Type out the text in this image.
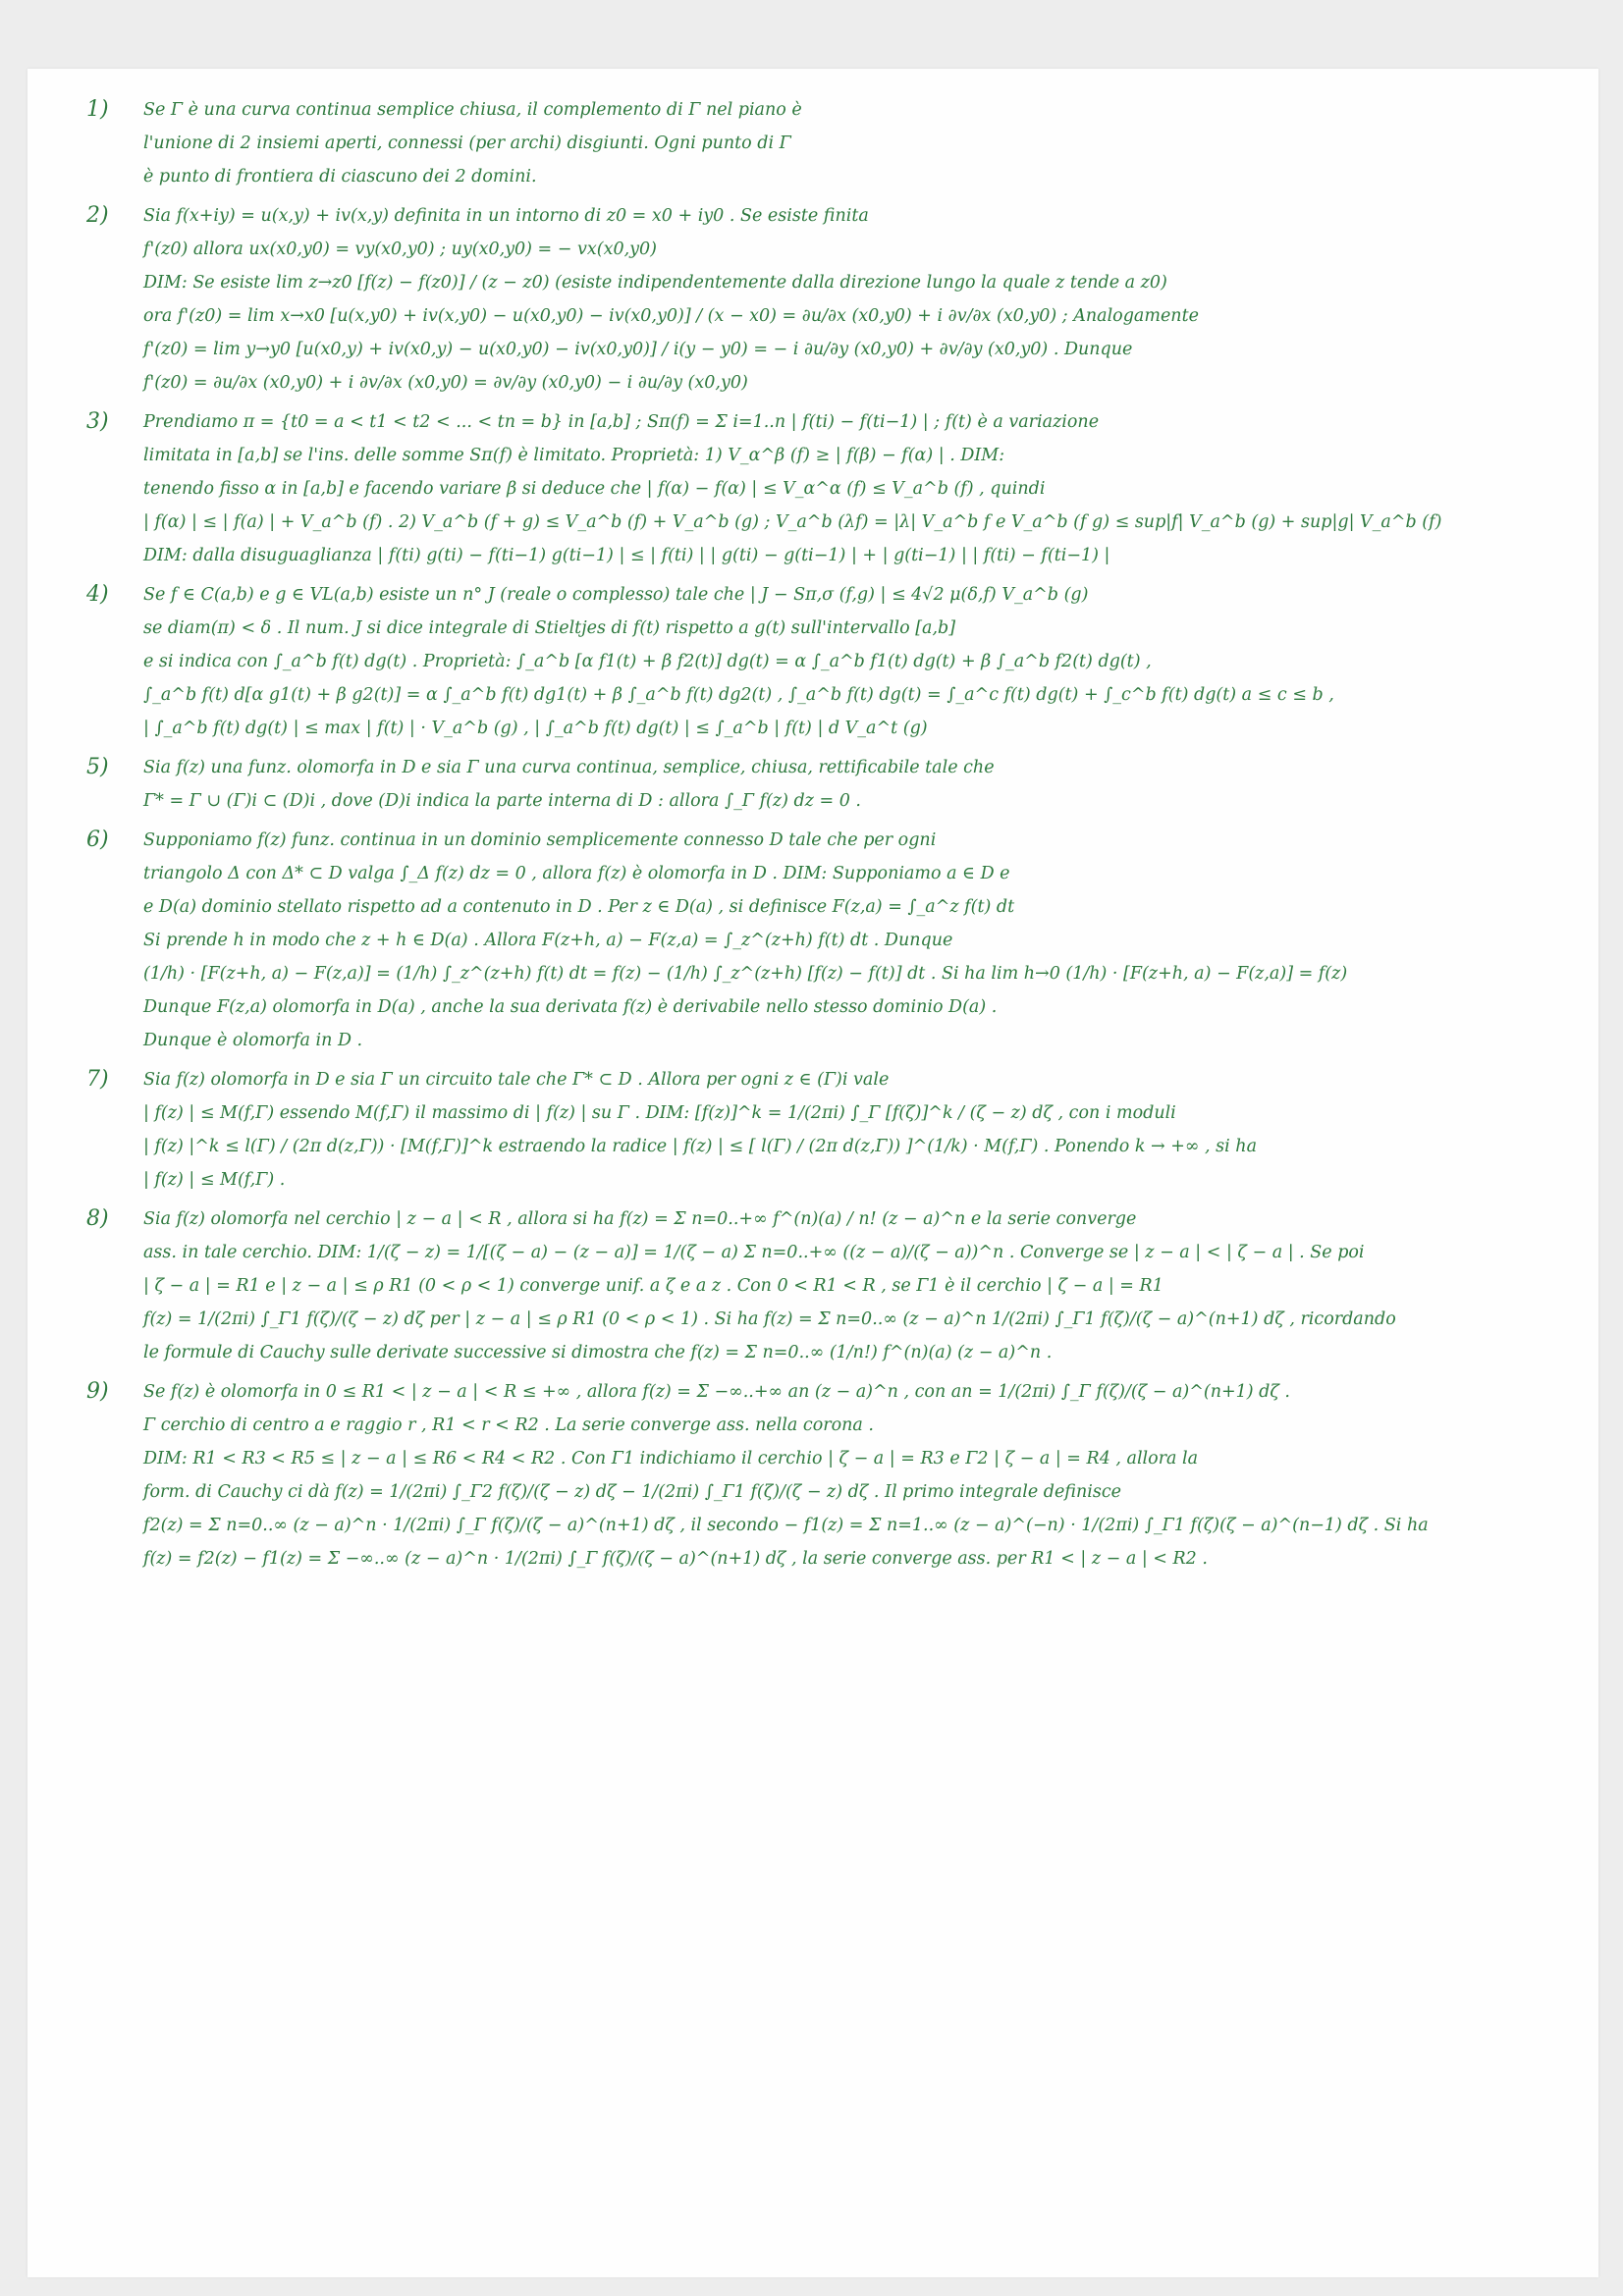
1) Se Γ è una curva continua semplice chiusa, il complemento di Γ nel piano è
l'unione di 2 insiemi aperti, connessi (per archi) disgiunti. Ogni punto di Γ
è punto di frontiera di ciascuno dei 2 domini.
2) Sia f(x+iy) = u(x,y) + iv(x,y) definita in un intorno di z0 = x0 + iy0 . Se esiste finita
f'(z0) allora ux(x0,y0) = vy(x0,y0) ; uy(x0,y0) = − vx(x0,y0)
DIM: Se esiste lim z→z0 [f(z) − f(z0)] / (z − z0) (esiste indipendentemente dalla direzione lungo la quale z tende a z0)
ora f'(z0) = lim x→x0 [u(x,y0) + iv(x,y0) − u(x0,y0) − iv(x0,y0)] / (x − x0) = ∂u/∂x (x0,y0) + i ∂v/∂x (x0,y0) ; Analogamente
f'(z0) = lim y→y0 [u(x0,y) + iv(x0,y) − u(x0,y0) − iv(x0,y0)] / i(y − y0) = − i ∂u/∂y (x0,y0) + ∂v/∂y (x0,y0) . Dunque
f'(z0) = ∂u/∂x (x0,y0) + i ∂v/∂x (x0,y0) = ∂v/∂y (x0,y0) − i ∂u/∂y (x0,y0)
3) Prendiamo π = {t0 = a < t1 < t2 < ... < tn = b} in [a,b] ; Sπ(f) = Σ i=1..n | f(ti) − f(ti−1) | ; f(t) è a variazione
limitata in [a,b] se l'ins. delle somme Sπ(f) è limitato. Proprietà: 1) V_α^β (f) ≥ | f(β) − f(α) | . DIM:
tenendo fisso α in [a,b] e facendo variare β si deduce che | f(α) − f(α) | ≤ V_α^α (f) ≤ V_a^b (f) , quindi
| f(α) | ≤ | f(a) | + V_a^b (f) . 2) V_a^b (f + g) ≤ V_a^b (f) + V_a^b (g) ; V_a^b (λf) = |λ| V_a^b f e V_a^b (f g) ≤ sup|f| V_a^b (g) + sup|g| V_a^b (f)
DIM: dalla disuguaglianza | f(ti) g(ti) − f(ti−1) g(ti−1) | ≤ | f(ti) | | g(ti) − g(ti−1) | + | g(ti−1) | | f(ti) − f(ti−1) |
4) Se f ∈ C(a,b) e g ∈ VL(a,b) esiste un n° J (reale o complesso) tale che | J − Sπ,σ (f,g) | ≤ 4√2 μ(δ,f) V_a^b (g)
se diam(π) < δ . Il num. J si dice integrale di Stieltjes di f(t) rispetto a g(t) sull'intervallo [a,b]
e si indica con ∫_a^b f(t) dg(t) . Proprietà: ∫_a^b [α f1(t) + β f2(t)] dg(t) = α ∫_a^b f1(t) dg(t) + β ∫_a^b f2(t) dg(t) ,
∫_a^b f(t) d[α g1(t) + β g2(t)] = α ∫_a^b f(t) dg1(t) + β ∫_a^b f(t) dg2(t) , ∫_a^b f(t) dg(t) = ∫_a^c f(t) dg(t) + ∫_c^b f(t) dg(t) a ≤ c ≤ b ,
| ∫_a^b f(t) dg(t) | ≤ max | f(t) | · V_a^b (g) , | ∫_a^b f(t) dg(t) | ≤ ∫_a^b | f(t) | d V_a^t (g)
5) Sia f(z) una funz. olomorfa in D e sia Γ una curva continua, semplice, chiusa, rettificabile tale che
Γ* = Γ ∪ (Γ)i ⊂ (D)i , dove (D)i indica la parte interna di D : allora ∫_Γ f(z) dz = 0 .
6) Supponiamo f(z) funz. continua in un dominio semplicemente connesso D tale che per ogni
triangolo Δ con Δ* ⊂ D valga ∫_Δ f(z) dz = 0 , allora f(z) è olomorfa in D . DIM: Supponiamo a ∈ D e
e D(a) dominio stellato rispetto ad a contenuto in D . Per z ∈ D(a) , si definisce F(z,a) = ∫_a^z f(t) dt
Si prende h in modo che z + h ∈ D(a) . Allora F(z+h, a) − F(z,a) = ∫_z^(z+h) f(t) dt . Dunque
(1/h) · [F(z+h, a) − F(z,a)] = (1/h) ∫_z^(z+h) f(t) dt = f(z) − (1/h) ∫_z^(z+h) [f(z) − f(t)] dt . Si ha lim h→0 (1/h) · [F(z+h, a) − F(z,a)] = f(z)
Dunque F(z,a) olomorfa in D(a) , anche la sua derivata f(z) è derivabile nello stesso dominio D(a) .
Dunque è olomorfa in D .
7) Sia f(z) olomorfa in D e sia Γ un circuito tale che Γ* ⊂ D . Allora per ogni z ∈ (Γ)i vale
| f(z) | ≤ M(f,Γ) essendo M(f,Γ) il massimo di | f(z) | su Γ . DIM: [f(z)]^k = 1/(2πi) ∫_Γ [f(ζ)]^k / (ζ − z) dζ , con i moduli
| f(z) |^k ≤ l(Γ) / (2π d(z,Γ)) · [M(f,Γ)]^k estraendo la radice | f(z) | ≤ [ l(Γ) / (2π d(z,Γ)) ]^(1/k) · M(f,Γ) . Ponendo k → +∞ , si ha
| f(z) | ≤ M(f,Γ) .
8) Sia f(z) olomorfa nel cerchio | z − a | < R , allora si ha f(z) = Σ n=0..+∞ f^(n)(a) / n! (z − a)^n e la serie converge
ass. in tale cerchio. DIM: 1/(ζ − z) = 1/[(ζ − a) − (z − a)] = 1/(ζ − a) Σ n=0..+∞ ((z − a)/(ζ − a))^n . Converge se | z − a | < | ζ − a | . Se poi
| ζ − a | = R1 e | z − a | ≤ ρ R1 (0 < ρ < 1) converge unif. a ζ e a z . Con 0 < R1 < R , se Γ1 è il cerchio | ζ − a | = R1
f(z) = 1/(2πi) ∫_Γ1 f(ζ)/(ζ − z) dζ per | z − a | ≤ ρ R1 (0 < ρ < 1) . Si ha f(z) = Σ n=0..∞ (z − a)^n 1/(2πi) ∫_Γ1 f(ζ)/(ζ − a)^(n+1) dζ , ricordando
le formule di Cauchy sulle derivate successive si dimostra che f(z) = Σ n=0..∞ (1/n!) f^(n)(a) (z − a)^n .
9) Se f(z) è olomorfa in 0 ≤ R1 < | z − a | < R ≤ +∞ , allora f(z) = Σ −∞..+∞ an (z − a)^n , con an = 1/(2πi) ∫_Γ f(ζ)/(ζ − a)^(n+1) dζ .
Γ cerchio di centro a e raggio r , R1 < r < R2 . La serie converge ass. nella corona .
DIM: R1 < R3 < R5 ≤ | z − a | ≤ R6 < R4 < R2 . Con Γ1 indichiamo il cerchio | ζ − a | = R3 e Γ2 | ζ − a | = R4 , allora la
form. di Cauchy ci dà f(z) = 1/(2πi) ∫_Γ2 f(ζ)/(ζ − z) dζ − 1/(2πi) ∫_Γ1 f(ζ)/(ζ − z) dζ . Il primo integrale definisce
f2(z) = Σ n=0..∞ (z − a)^n · 1/(2πi) ∫_Γ f(ζ)/(ζ − a)^(n+1) dζ , il secondo − f1(z) = Σ n=1..∞ (z − a)^(−n) · 1/(2πi) ∫_Γ1 f(ζ)(ζ − a)^(n−1) dζ . Si ha
f(z) = f2(z) − f1(z) = Σ −∞..∞ (z − a)^n · 1/(2πi) ∫_Γ f(ζ)/(ζ − a)^(n+1) dζ , la serie converge ass. per R1 < | z − a | < R2 .
